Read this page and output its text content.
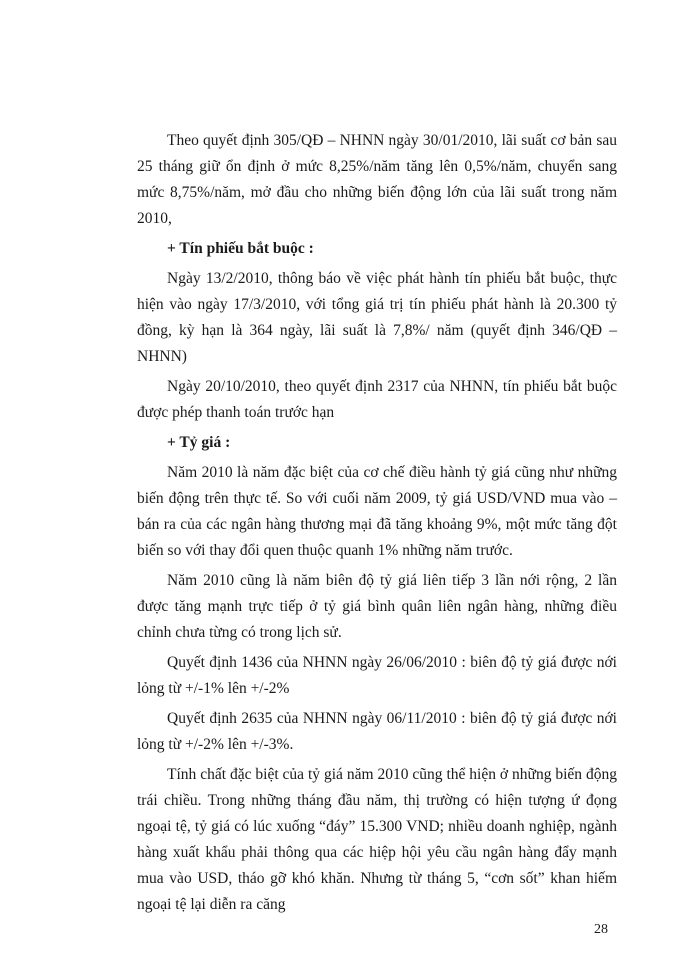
Theo quyết định 305/QĐ – NHNN ngày 30/01/2010, lãi suất cơ bản sau 25 tháng giữ ổn định ở mức 8,25%/năm tăng lên 0,5%/năm, chuyển sang mức 8,75%/năm, mở đầu cho những biến động lớn của lãi suất trong năm 2010,

+ Tín phiếu bắt buộc :

Ngày 13/2/2010, thông báo về việc phát hành tín phiếu bắt buộc, thực hiện vào ngày 17/3/2010, với tổng giá trị tín phiếu phát hành là 20.300 tỷ đồng, kỳ hạn là 364 ngày, lãi suất là 7,8%/ năm (quyết định 346/QĐ – NHNN)

Ngày 20/10/2010, theo quyết định 2317 của NHNN, tín phiếu bắt buộc được phép thanh toán trước hạn

+ Tỷ giá :

Năm 2010 là năm đặc biệt của cơ chế điều hành tỷ giá cũng như những biến động trên thực tế. So với cuối năm 2009, tỷ giá USD/VND mua vào – bán ra của các ngân hàng thương mại đã tăng khoảng 9%, một mức tăng đột biến so với thay đổi quen thuộc quanh 1% những năm trước.

Năm 2010 cũng là năm biên độ tỷ giá liên tiếp 3 lần nới rộng, 2 lần được tăng mạnh trực tiếp ở tỷ giá bình quân liên ngân hàng, những điều chỉnh chưa từng có trong lịch sử.

Quyết định 1436 của NHNN ngày 26/06/2010 : biên độ tỷ giá được nới lỏng từ +/-1% lên +/-2%

Quyết định 2635 của NHNN ngày 06/11/2010 : biên độ tỷ giá được nới lỏng từ +/-2% lên +/-3%.

Tính chất đặc biệt của tỷ giá năm 2010 cũng thể hiện ở những biến động trái chiều. Trong những tháng đầu năm, thị trường có hiện tượng ứ đọng ngoại tệ, tỷ giá có lúc xuống “đáy” 15.300 VND; nhiều doanh nghiệp, ngành hàng xuất khẩu phải thông qua các hiệp hội yêu cầu ngân hàng đẩy mạnh mua vào USD, tháo gỡ khó khăn. Nhưng từ tháng 5, “cơn sốt” khan hiếm ngoại tệ lại diễn ra căng

28
